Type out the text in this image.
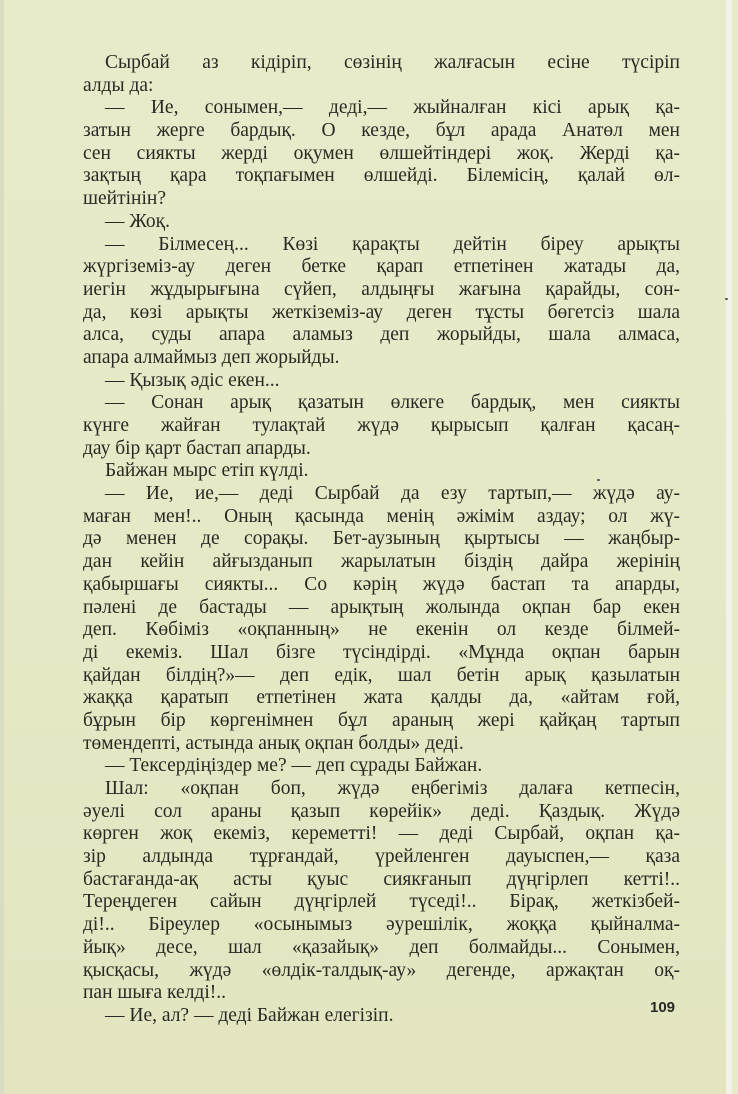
Сырбай аз кідіріп, сөзінің жалғасын есіне түсіріп
алды да:
— Ие, сонымен,— деді,— жыйналған кісі арық қа-
затын жерге бардық. О кезде, бұл арада Анатөл мен
сен сиякты жерді оқумен өлшейтіндері жоқ. Жерді қа-
зақтың қара тоқпағымен өлшейді. Білемісің, қалай өл-
шейтінін?
— Жоқ.
— Білмесең... Көзі қарақты дейтін біреу арықты
жүргіземіз-ау деген бетке қарап етпетінен жатады да,
иегін жұдырығына сүйеп, алдыңғы жағына қарайды, сон-
да, көзі арықты жеткіземіз-ау деген тұсты бөгетсіз шала
алса, суды апара аламыз деп жорыйды, шала алмаса,
апара алмаймыз деп жорыйды.
— Қызық әдіс екен...
— Сонан арық қазатын өлкеге бардық, мен сиякты
күнге жайған тулақтай жүдә қырысып қалған қасаң-
дау бір қарт бастап апарды.
Байжан мырс етіп күлді.
— Ие, ие,— деді Сырбай да езу тартып,— жүдә ау-
маған мен!.. Оның қасында менің әжімім аздау; ол жү-
дә менен де сорақы. Бет-аузының қыртысы — жаңбыр-
дан кейін айғызданып жарылатын біздің дайра жерінің
қабыршағы сиякты... Со кәрің жүдә бастап та апарды,
пәлені де бастады — арықтың жолында оқпан бар екен
деп. Көбіміз «оқпанның» не екенін ол кезде білмей-
ді екеміз. Шал бізге түсіндірді. «Мұнда оқпан барын
қайдан білдің?»— деп едік, шал бетін арық қазылатын
жаққа қаратып етпетінен жата қалды да, «айтам ғой,
бұрын бір көргенімнен бұл араның жері қайқаң тартып
төмендепті, астында анық оқпан болды» деді.
— Тексердіңіздер ме? — деп сұрады Байжан.
Шал: «оқпан боп, жүдә еңбегіміз далаға кетпесін,
әуелі сол араны қазып көрейік» деді. Қаздық. Жүдә
көрген жоқ екеміз, кереметті! — деді Сырбай, оқпан қа-
зір алдында тұрғандай, үрейленген дауыспен,— қаза
бастағанда-ақ асты қуыс сиякғанып дүңгірлеп кетті!..
Тереңдеген сайын дүңгірлей түседі!.. Бірақ, жеткізбей-
ді!.. Біреулер «осынымыз әурешілік, жоққа қыйналма-
йық» десе, шал «қазайық» деп болмайды... Сонымен,
қысқасы, жүдә «өлдік-талдық-ау» дегенде, аржақтан оқ-
пан шыға келді!..
— Ие, ал? — деді Байжан елегізіп.	109
